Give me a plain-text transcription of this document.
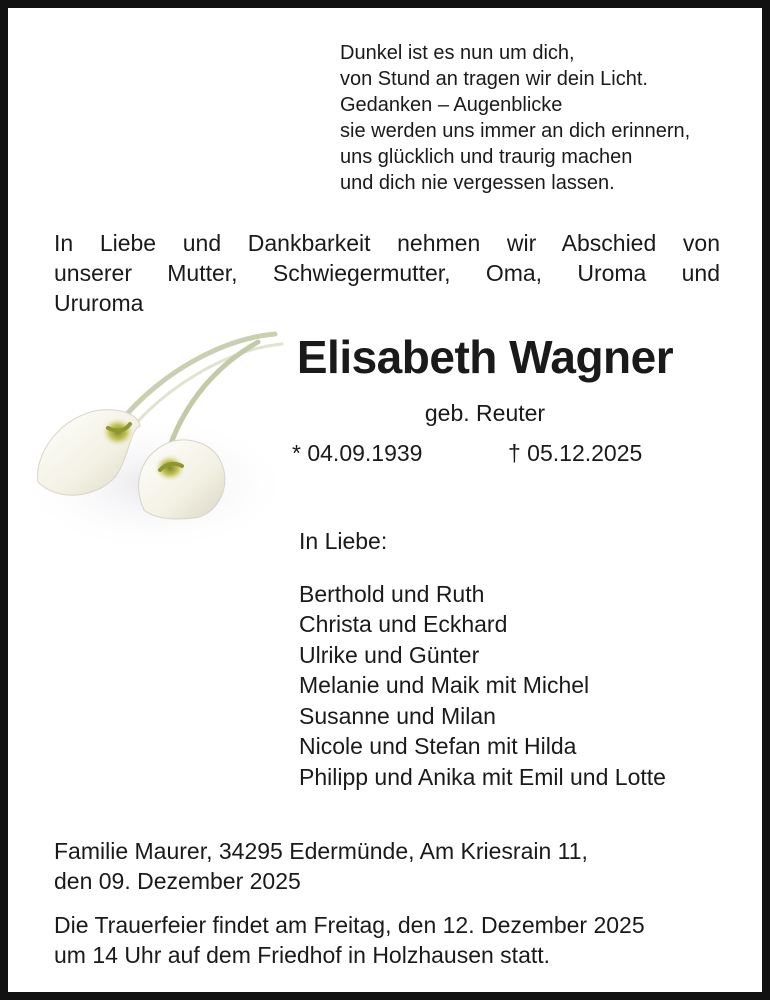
Dunkel ist es nun um dich,
von Stund an tragen wir dein Licht.
Gedanken – Augenblicke
sie werden uns immer an dich erinnern,
uns glücklich und traurig machen
und dich nie vergessen lassen.
In Liebe und Dankbarkeit nehmen wir Abschied von
unserer Mutter, Schwiegermutter, Oma, Uroma und
Ururoma
Elisabeth Wagner
geb. Reuter
* 04.09.1939	† 05.12.2025
In Liebe:
Berthold und Ruth
Christa und Eckhard
Ulrike und Günter
Melanie und Maik mit Michel
Susanne und Milan
Nicole und Stefan mit Hilda
Philipp und Anika mit Emil und Lotte
Familie Maurer, 34295 Edermünde, Am Kriesrain 11,
den 09. Dezember 2025
Die Trauerfeier findet am Freitag, den 12. Dezember 2025
um 14 Uhr auf dem Friedhof in Holzhausen statt.
